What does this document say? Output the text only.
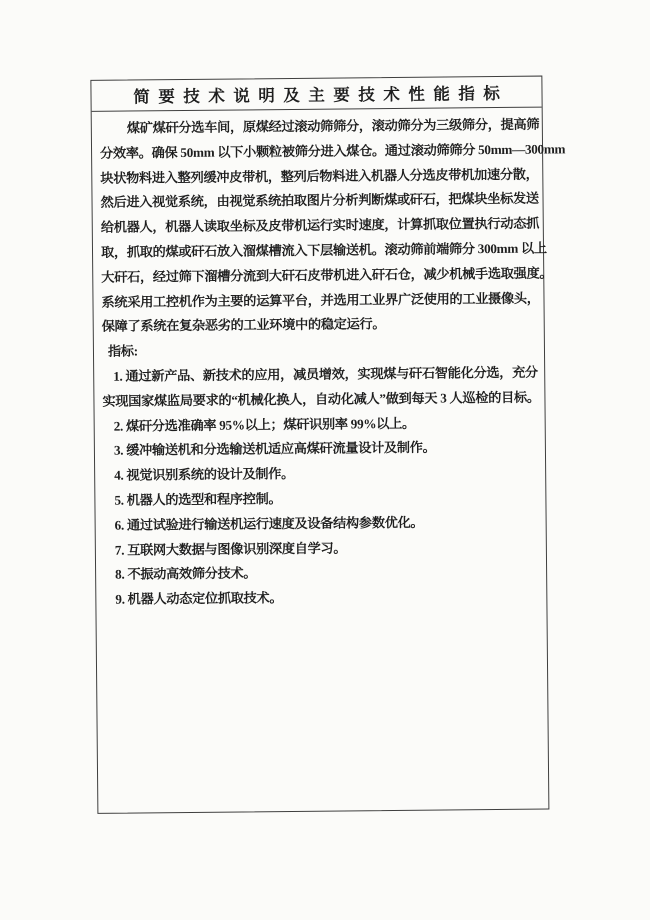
简要技术说明及主要技术性能指标
煤矿煤矸分选车间，原煤经过滚动筛筛分，滚动筛分为三级筛分，提高筛
分效率。确保 50mm 以下小颗粒被筛分进入煤仓。通过滚动筛筛分 50mm—300mm
块状物料进入整列缓冲皮带机，整列后物料进入机器人分选皮带机加速分散，
然后进入视觉系统，由视觉系统拍取图片分析判断煤或矸石，把煤块坐标发送
给机器人，机器人读取坐标及皮带机运行实时速度，计算抓取位置执行动态抓
取，抓取的煤或矸石放入溜煤槽流入下层输送机。滚动筛前端筛分 300mm 以上
大矸石，经过筛下溜槽分流到大矸石皮带机进入矸石仓，减少机械手选取强度。
系统采用工控机作为主要的运算平台，并选用工业界广泛使用的工业摄像头，
保障了系统在复杂恶劣的工业环境中的稳定运行。
指标:
1. 通过新产品、新技术的应用，减员增效，实现煤与矸石智能化分选，充分
实现国家煤监局要求的“机械化换人，自动化减人”做到每天 3 人巡检的目标。
2. 煤矸分选准确率 95%以上；煤矸识别率 99%以上。
3. 缓冲输送机和分选输送机适应高煤矸流量设计及制作。
4. 视觉识别系统的设计及制作。
5. 机器人的选型和程序控制。
6. 通过试验进行输送机运行速度及设备结构参数优化。
7. 互联网大数据与图像识别深度自学习。
8. 不振动高效筛分技术。
9. 机器人动态定位抓取技术。
